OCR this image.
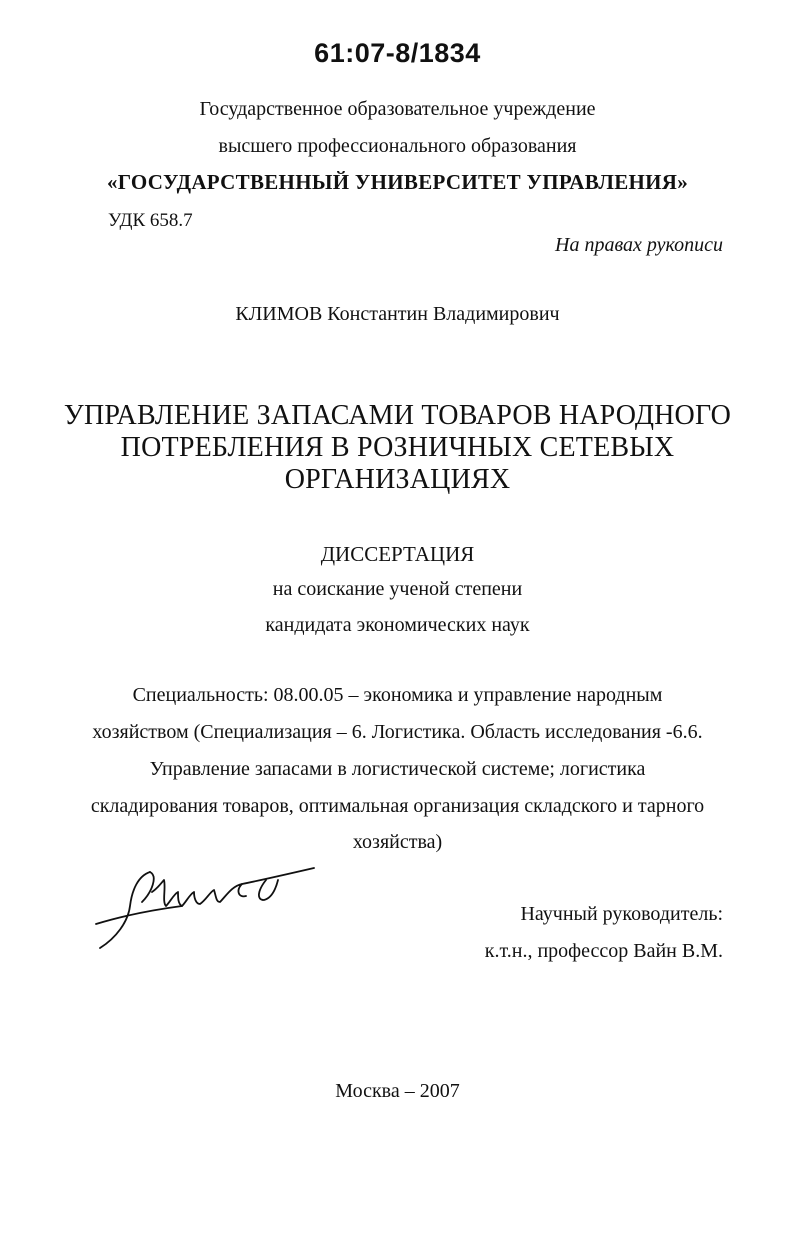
61:07-8/1834
Государственное образовательное учреждение
высшего профессионального образования
«ГОСУДАРСТВЕННЫЙ УНИВЕРСИТЕТ УПРАВЛЕНИЯ»
УДК 658.7
На правах рукописи
КЛИМОВ Константин Владимирович
УПРАВЛЕНИЕ ЗАПАСАМИ ТОВАРОВ НАРОДНОГО
ПОТРЕБЛЕНИЯ В РОЗНИЧНЫХ СЕТЕВЫХ
ОРГАНИЗАЦИЯХ
ДИССЕРТАЦИЯ
на соискание ученой степени
кандидата экономических наук
Специальность: 08.00.05 – экономика и управление народным
хозяйством (Специализация – 6. Логистика. Область исследования -6.6.
Управление запасами в логистической системе; логистика
складирования товаров, оптимальная организация складского и тарного
хозяйства)
Научный руководитель:
к.т.н., профессор Вайн В.М.
Москва – 2007
